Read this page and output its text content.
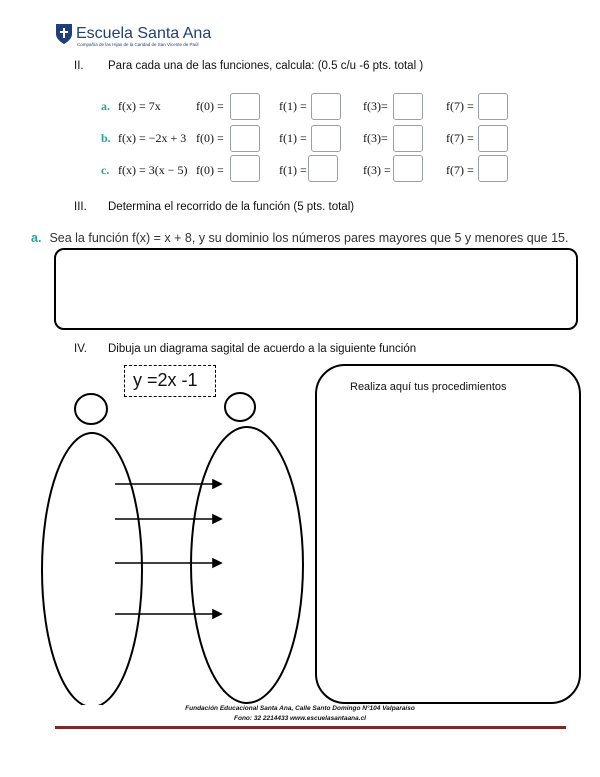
Escuela Santa Ana
Compañía de las Hijas de la Caridad de San Vicente de Paúl
II. Para cada una de las funciones, calcula: (0.5 c/u -6 pts. total )
a. f(x) = 7x	f(0) =	f(1) =	f(3)=	f(7) =
b. f(x) = −2x + 3 f(0) =	f(1) =	f(3)=	f(7) =
c. f(x) = 3(x − 5) f(0) =	f(1) =	f(3) =	f(7) =
III. Determina el recorrido de la función (5 pts. total)
a. Sea la función f(x) = x + 8, y su dominio los números pares mayores que 5 y menores que 15.
IV. Dibuja un diagrama sagital de acuerdo a la siguiente función
y =2x -1	Realiza aquí tus procedimientos
Fundación Educacional Santa Ana, Calle Santo Domingo N°104 Valparaíso
Fono: 32 2214433 www.escuelasantaana.cl
